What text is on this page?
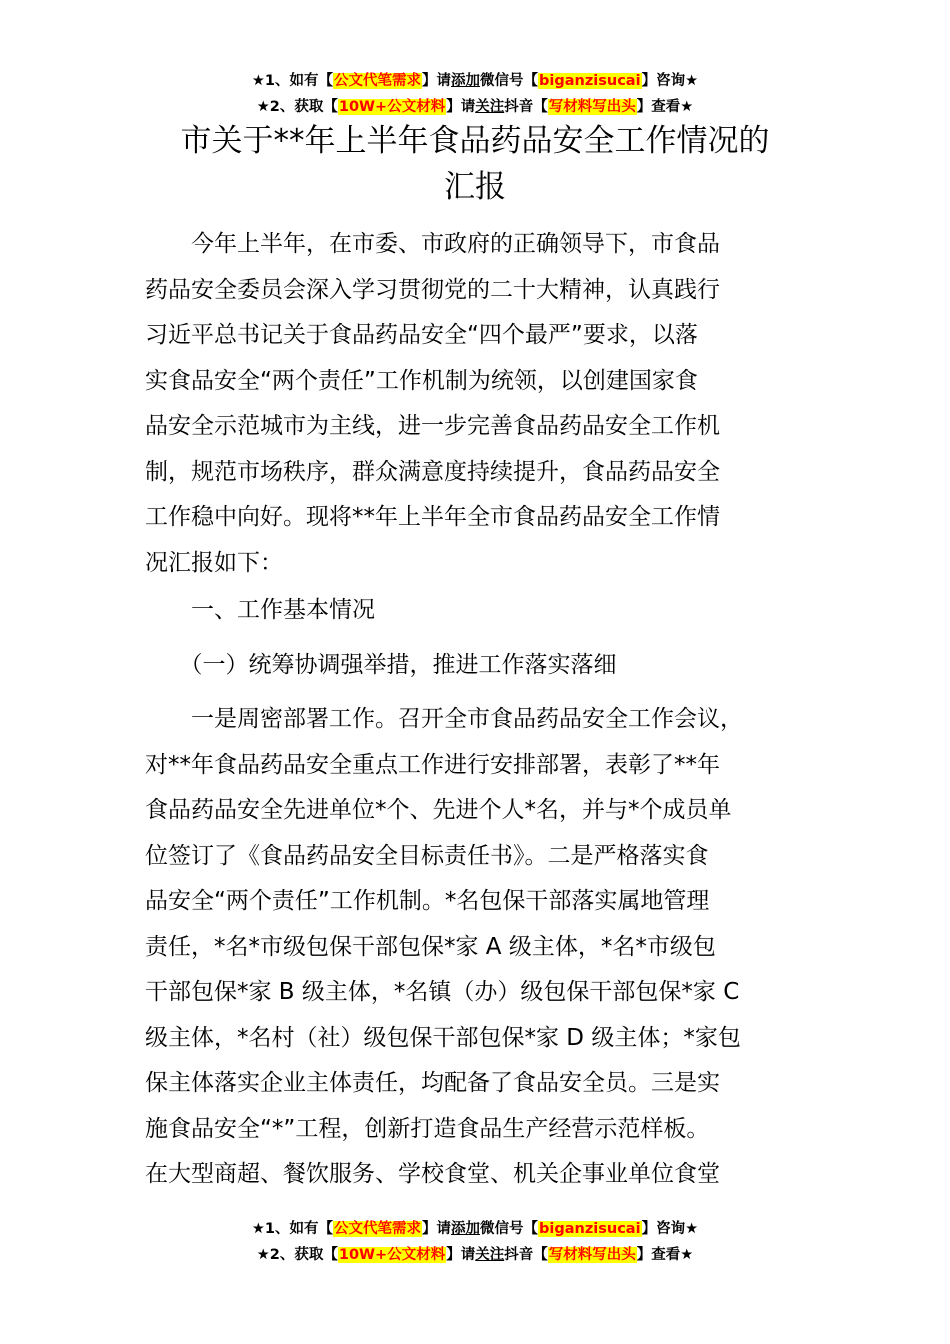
★1、如有【公文代笔需求】请添加微信号【biganzisucai】咨询★
★2、获取【10W+公文材料】请关注抖音【写材料写出头】查看★
市关于**年上半年食品药品安全工作情况的
汇报
　　今年上半年，在市委、市政府的正确领导下，市食品
药品安全委员会深入学习贯彻党的二十大精神，认真践行
习近平总书记关于食品药品安全“四个最严”要求，以落
实食品安全“两个责任”工作机制为统领，以创建国家食
品安全示范城市为主线，进一步完善食品药品安全工作机
制，规范市场秩序，群众满意度持续提升，食品药品安全
工作稳中向好。现将**年上半年全市食品药品安全工作情
况汇报如下：
　　一、工作基本情况
　　（一）统筹协调强举措，推进工作落实落细
　　一是周密部署工作。召开全市食品药品安全工作会议，
对**年食品药品安全重点工作进行安排部署，表彰了**年
食品药品安全先进单位*个、先进个人*名，并与*个成员单
位签订了《食品药品安全目标责任书》。二是严格落实食
品安全“两个责任”工作机制。*名包保干部落实属地管理
责任，*名*市级包保干部包保*家 A 级主体，*名*市级包
干部包保*家 B 级主体，*名镇（办）级包保干部包保*家 C
级主体，*名村（社）级包保干部包保*家 D 级主体；*家包
保主体落实企业主体责任，均配备了食品安全员。三是实
施食品安全“*”工程，创新打造食品生产经营示范样板。
在大型商超、餐饮服务、学校食堂、机关企事业单位食堂
★1、如有【公文代笔需求】请添加微信号【biganzisucai】咨询★
★2、获取【10W+公文材料】请关注抖音【写材料写出头】查看★
